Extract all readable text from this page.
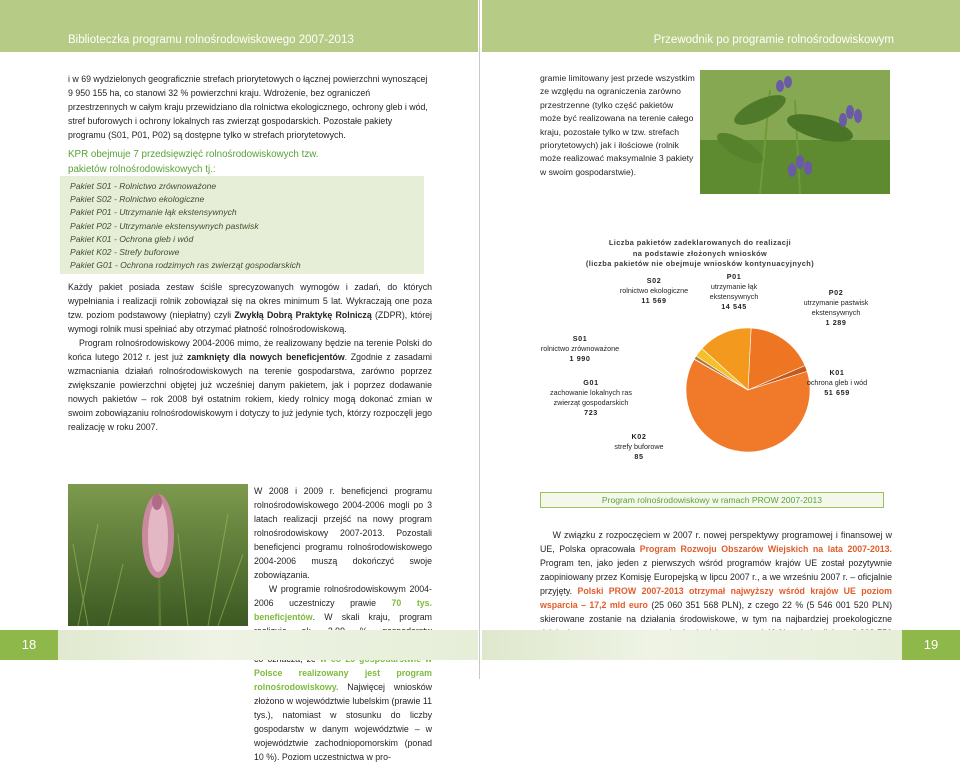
Biblioteczka programu rolnośrodowiskowego 2007-2013	Przewodnik po programie rolnośrodowiskowym
i w 69 wydzielonych geograficznie strefach priorytetowych o łącznej powierzchni wynoszącej 9 950 155 ha, co stanowi 32 % powierzchni kraju. Wdrożenie, bez ograniczeń przestrzennych w całym kraju przewidziano dla rolnictwa ekologicznego, ochrony gleb i wód, stref buforowych i ochrony lokalnych ras zwierząt gospodarskich. Pozostałe pakiety programu (S01, P01, P02) są dostępne tylko w strefach priorytetowych.
KPR obejmuje 7 przedsięwzięć rolnośrodowiskowych tzw. pakietów rolnośrodowiskowych tj.:
Pakiet S01 - Rolnictwo zrównoważone
Pakiet S02 - Rolnictwo ekologiczne
Pakiet P01 - Utrzymanie łąk ekstensywnych
Pakiet P02 - Utrzymanie ekstensywnych pastwisk
Pakiet K01 - Ochrona gleb i wód
Pakiet K02 - Strefy buforowe
Pakiet G01 - Ochrona rodzimych ras zwierząt gospodarskich
Każdy pakiet posiada zestaw ściśle sprecyzowanych wymogów i zadań, do których wypełniania i realizacji rolnik zobowiązał się na okres minimum 5 lat. Wykraczają one poza tzw. poziom podstawowy (niepłatny) czyli Zwykłą Dobrą Praktykę Rolniczą (ZDPR), której wymogi rolnik musi spełniać aby otrzymać płatność rolnośrodowiskową.
Program rolnośrodowiskowy 2004-2006 mimo, że realizowany będzie na terenie Polski do końca lutego 2012 r. jest już zamknięty dla nowych beneficjentów. Zgodnie z zasadami wzmacniania działań rolnośrodowiskowych na terenie gospodarstwa, zarówno poprzez zwiększanie powierzchni objętej już wcześniej danym pakietem, jak i poprzez dodawanie nowych pakietów – rok 2008 był ostatnim rokiem, kiedy rolnicy mogą dokonać zmian w swoim zobowiązaniu rolnośrodowiskowym i dotyczy to już jedynie tych, którzy rozpoczęli jego realizację w roku 2007.
W 2008 i 2009 r. beneficjenci programu rolnośrodowiskowego 2004-2006 mogli po 3 latach realizacji przejść na nowy program rolnośrodowiskowy 2007-2013. Pozostali beneficjenci programu rolnośrodowiskowego 2004-2006 muszą dokończyć swoje zobowiązania.
W programie rolnośrodowiskowym 2004-2006 uczestniczy prawie 70 tys. beneficjentów. W skali kraju, program Polsce realizowany jest program rolnośrodowiskowy. Najwięcej wniosków złożono w województwie lubelskim (prawie 11 tys.), natomiast w stosunku do liczby gospodarstw w danym województwie – w województwie zachodniopomorskim (ponad 10 %). Poziom uczestnictwa w pro-
gramie limitowany jest przede wszystkim ze względu na ograniczenia zarówno przestrzenne (tylko część pakietów może być realizowana na terenie całego kraju, pozostałe tylko w tzw. strefach priorytetowych) jak i ilościowe (rolnik może realizować maksymalnie 3 pakiety w swoim gospodarstwie).
Liczba pakietów zadeklarowanych do realizacji
na podstawie złożonych wniosków
(liczba pakietów nie obejmuje wniosków kontynuacyjnych)
S02
rolnictwo ekologiczne
11 569
P01
utrzymanie łąk ekstensywnych
14 545
P02
utrzymanie pastwisk ekstensywnych
1 289
S01
rolnictwo zrównoważone
1 990
K01
ochrona gleb i wód
51 659
G01
zachowanie lokalnych ras zwierząt gospodarskich
723
K02
strefy buforowe
85
Program rolnośrodowiskowy w ramach PROW 2007-2013
W związku z rozpoczęciem w 2007 r. nowej perspektywy programowej i finansowej w UE, Polska opracowała Program Rozwoju Obszarów Wiejskich na lata 2007-2013. Program ten, jako jeden z pierwszych wśród programów krajów UE został pozytywnie zaopiniowany przez Komisję Europejską w lipcu 2007 r., a we wrześniu 2007 r. – oficjalnie przyjęty. Polski PROW 2007-2013 otrzymał najwyższy wśród krajów UE poziom wsparcia – 17,2 mld euro (25 060 351 568 PLN), z czego 22 % (5 546 001 520 PLN) skierowane zostanie na działania środowiskowe, w tym na najbardziej proekologiczne
18	19
